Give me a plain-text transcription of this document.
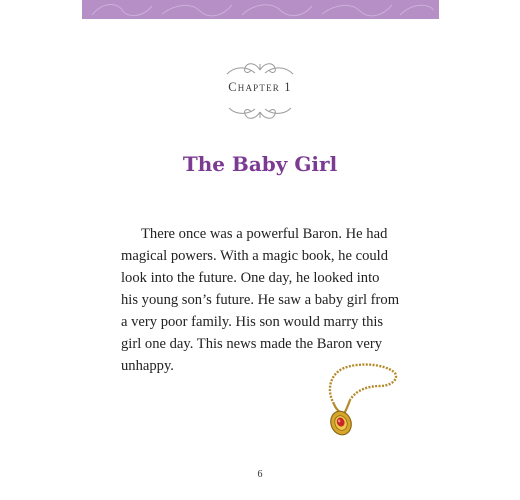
Chapter 1
The Baby Girl
There once was a powerful Baron. He had
magical powers. With a magic book, he could
look into the future. One day, he looked into
his young son’s future. He saw a baby girl from
a very poor family. His son would marry this
girl one day. This news made the Baron very
unhappy.
6
